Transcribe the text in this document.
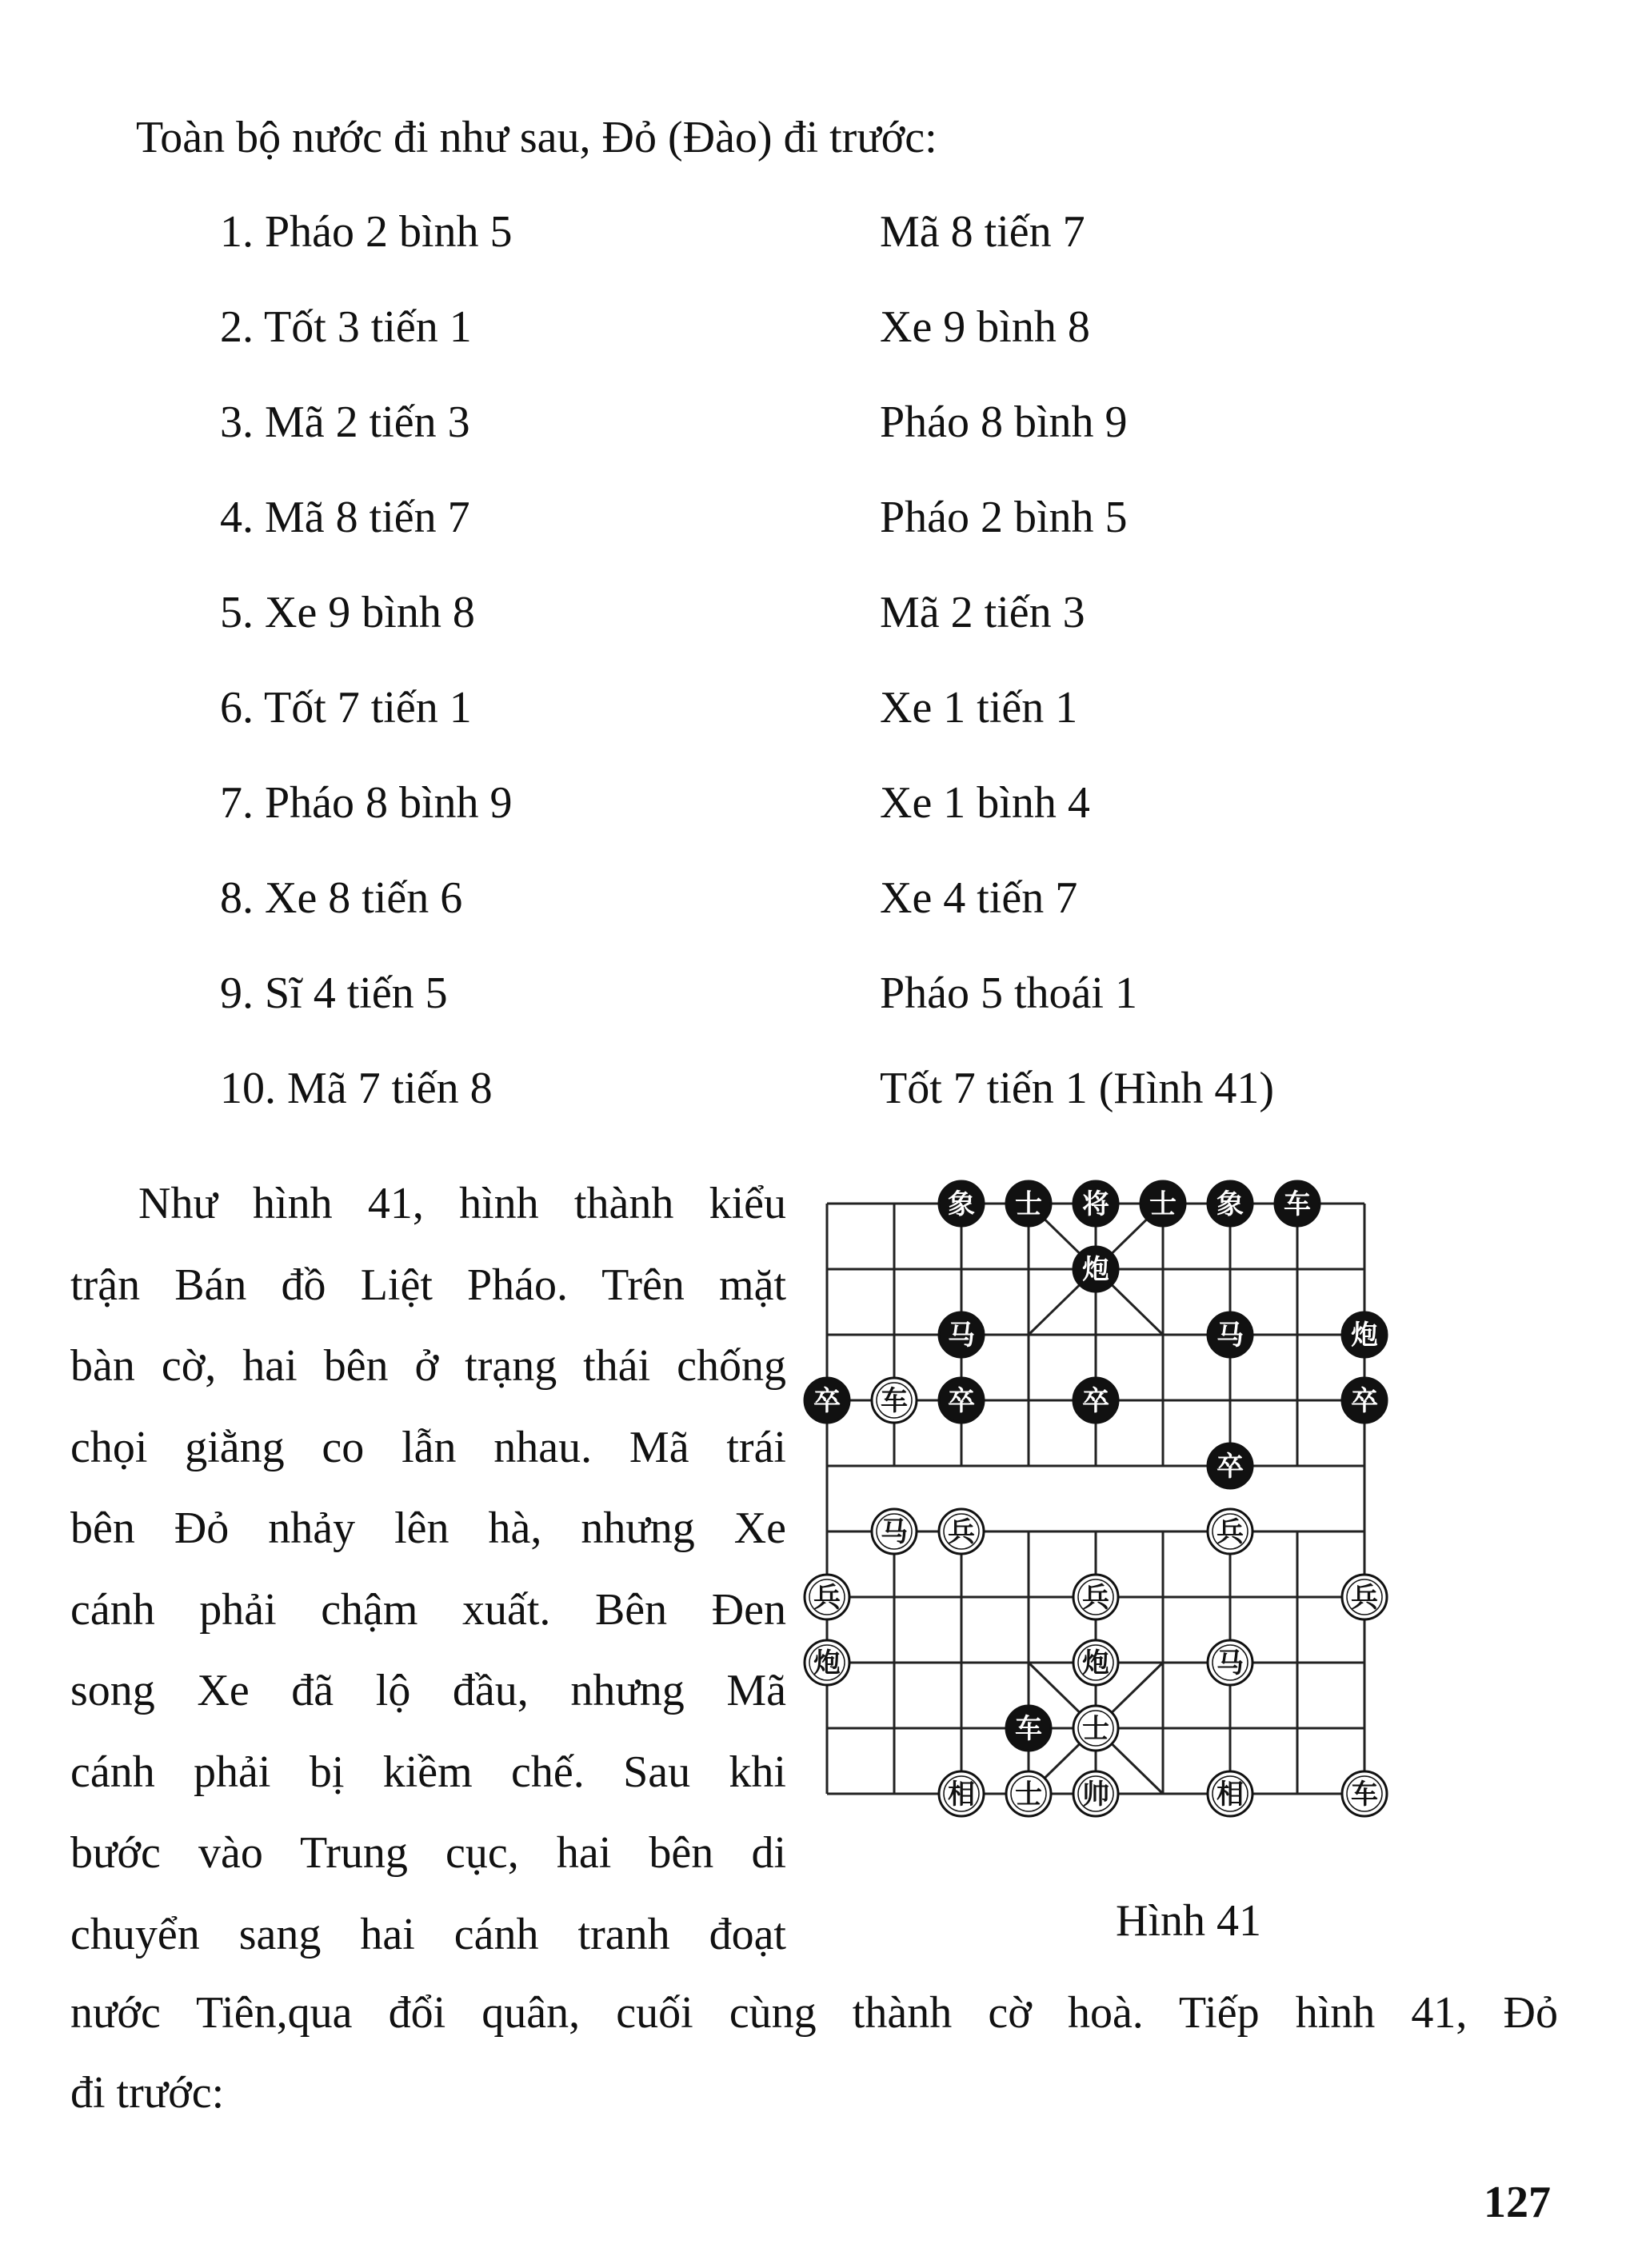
Toàn bộ nước đi như sau, Đỏ (Đào) đi trước:
1. Pháo 2 bình 5	Mã 8 tiến 7
2. Tốt 3 tiến 1	Xe 9 bình 8
3. Mã 2 tiến 3	Pháo 8 bình 9
4. Mã 8 tiến 7	Pháo 2 bình 5
5. Xe 9 bình 8	Mã 2 tiến 3
6. Tốt 7 tiến 1	Xe 1 tiến 1
7. Pháo 8 bình 9	Xe 1 bình 4
8. Xe 8 tiến 6	Xe 4 tiến 7
9. Sĩ 4 tiến 5	Pháo 5 thoái 1
10. Mã 7 tiến 8	Tốt 7 tiến 1 (Hình 41)
Như hình 41, hình thành kiểu
trận Bán đồ Liệt Pháo. Trên mặt
bàn cờ, hai bên ở trạng thái chống
chọi giằng co lẫn nhau. Mã trái
bên Đỏ nhảy lên hà, nhưng Xe
cánh phải chậm xuất. Bên Đen
song Xe đã lộ đầu, nhưng Mã
cánh phải bị kiềm chế. Sau khi
bước vào Trung cục, hai bên di
chuyển sang hai cánh tranh đoạt
象 士 将 士 象 车
炮
马	马	炮
卒 车 卒	卒	卒
卒
马 兵	兵
兵	兵	兵
炮	炮	马
车 士
相 士 帅	相	车
Hình 41
nước Tiên,qua đổi quân, cuối cùng thành cờ hoà. Tiếp hình 41, Đỏ
đi trước:
127
